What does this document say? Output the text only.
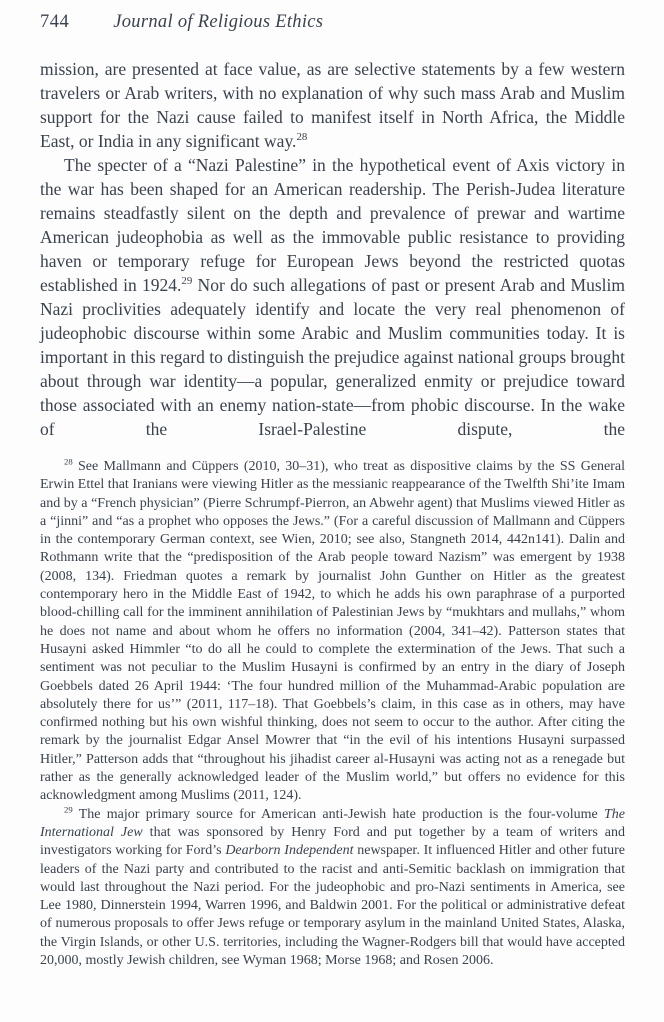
744 Journal of Religious Ethics

mission, are presented at face value, as are selective statements by a few western travelers or Arab writers, with no explanation of why such mass Arab and Muslim support for the Nazi cause failed to manifest itself in North Africa, the Middle East, or India in any significant way.$^{28}$

The specter of a “Nazi Palestine” in the hypothetical event of Axis victory in the war has been shaped for an American readership. The Perish-Judea literature remains steadfastly silent on the depth and prevalence of prewar and wartime American judeophobia as well as the immovable public resistance to providing haven or temporary refuge for European Jews beyond the restricted quotas established in 1924.29 Nor do such allegations of past or present Arab and Muslim Nazi proclivities adequately identify and locate the very real phenomenon of judeophobic discourse within some Arabic and Muslim communities today. It is important in this regard to distinguish the prejudice against national groups brought about through war identity—a popular, generalized enmity or prejudice toward those associated with an enemy nation-state—from phobic discourse. In the wake of the Israel-Palestine dispute, the

$^{28}$ See Mallmann and Cüppers (2010, 30–31), who treat as dispositive claims by the SS General Erwin Ettel that Iranians were viewing Hitler as the messianic reappearance of the Twelfth Shi’ite Imam and by a “French physician” (Pierre Schrumpf-Pierron, an Abwehr agent) that Muslims viewed Hitler as a “jinni” and “as a prophet who opposes the Jews.” (For a careful discussion of Mallmann and Cüppers in the contemporary German context, see Wien, 2010; see also, Stangneth 2014, 442n141). Dalin and Rothmann write that the “predisposition of the Arab people toward Nazism” was emergent by 1938 (2008, 134). Friedman quotes a remark by journalist John Gunther on Hitler as the greatest contemporary hero in the Middle East of 1942, to which he adds his own paraphrase of a purported blood-chilling call for the imminent annihilation of Palestinian Jews by “mukhtars and mullahs,” whom he does not name and about whom he offers no information (2004, 341–42). Patterson states that Husayni asked Himmler “to do all he could to complete the extermination of the Jews. That such a sentiment was not peculiar to the Muslim Husayni is confirmed by an entry in the diary of Joseph Goebbels dated 26 April 1944: ‘The four hundred million of the Muhammad-Arabic population are absolutely there for us’” (2011, 117–18). That Goebbels’s claim, in this case as in others, may have confirmed nothing but his own wishful thinking, does not seem to occur to the author. After citing the remark by the journalist Edgar Ansel Mowrer that “in the evil of his intentions Husayni surpassed Hitler,” Patterson adds that “throughout his jihadist career al-Husayni was acting not as a renegade but rather as the generally acknowledged leader of the Muslim world,” but offers no evidence for this acknowledgment among Muslims (2011, 124).

$^{29}$ The major primary source for American anti-Jewish hate production is the four-volume The International Jew that was sponsored by Henry Ford and put together by a team of writers and investigators working for Ford’s Dearborn Independent newspaper. It influenced Hitler and other future leaders of the Nazi party and contributed to the racist and anti-Semitic backlash on immigration that would last throughout the Nazi period. For the judeophobic and pro-Nazi sentiments in America, see Lee 1980, Dinnerstein 1994, Warren 1996, and Baldwin 2001. For the political or administrative defeat of numerous proposals to offer Jews refuge or temporary asylum in the mainland United States, Alaska, the Virgin Islands, or other U.S. territories, including the Wagner-Rodgers bill that would have accepted 20,000, mostly Jewish children, see Wyman 1968; Morse 1968; and Rosen 2006.
